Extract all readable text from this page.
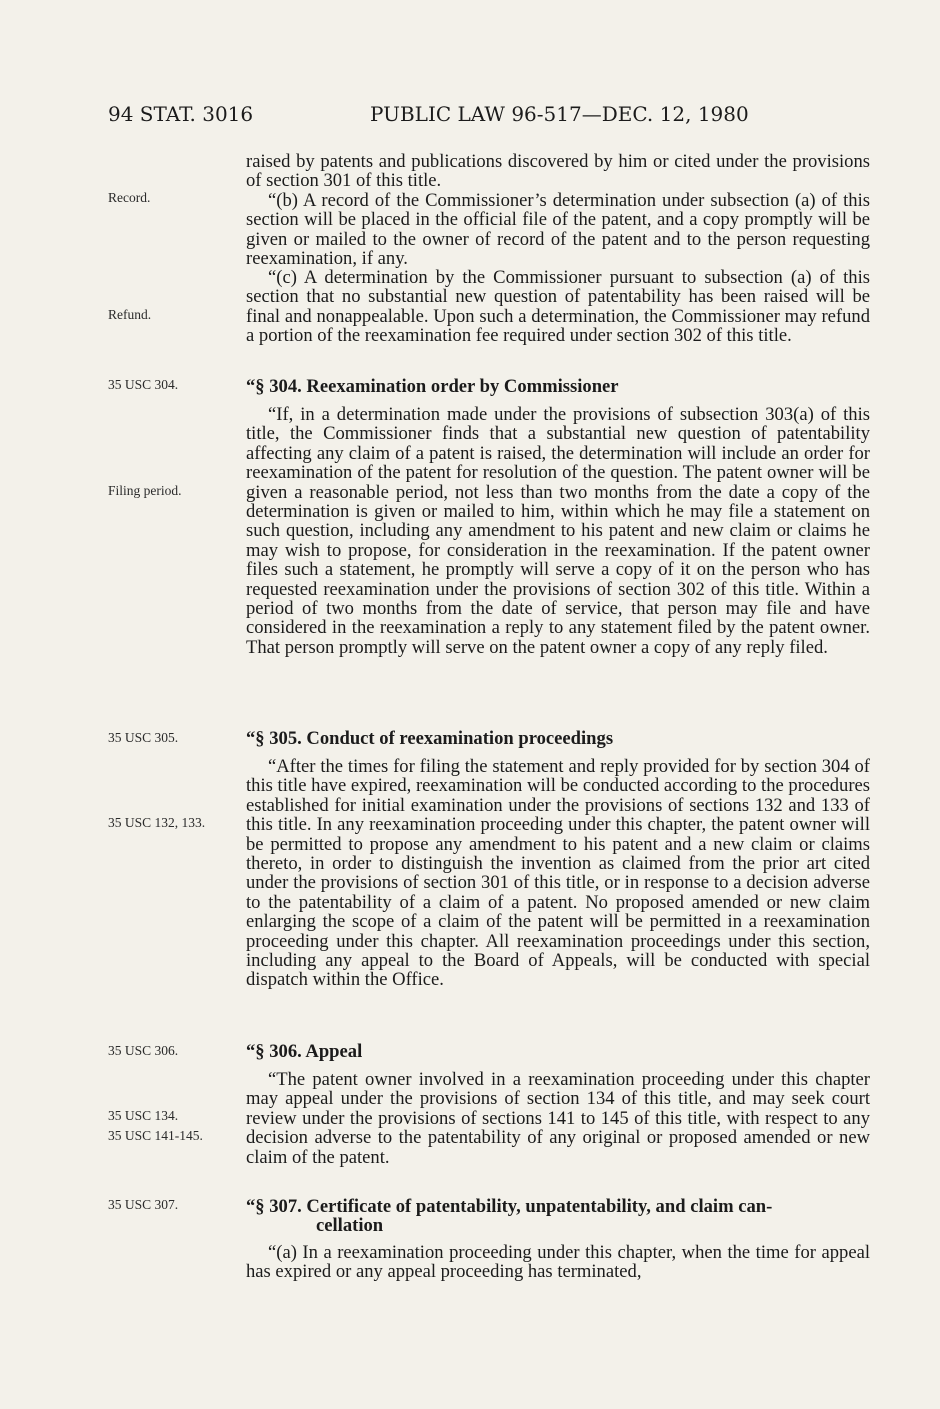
94 STAT. 3016	PUBLIC LAW 96-517—DEC. 12, 1980
Record.
Refund.
35 USC 304.
Filing period.
35 USC 305.
35 USC 132, 133.
35 USC 306.
35 USC 134.
35 USC 141-145.
35 USC 307.

raised by patents and publications discovered by him or cited under the provisions of section 301 of this title.

“(b) A record of the Commissioner’s determination under subsection (a) of this section will be placed in the official file of the patent, and a copy promptly will be given or mailed to the owner of record of the patent and to the person requesting reexamination, if any.

“(c) A determination by the Commissioner pursuant to subsection (a) of this section that no substantial new question of patentability has been raised will be final and nonappealable. Upon such a determination, the Commissioner may refund a portion of the reexamination fee required under section 302 of this title.

“§ 304. Reexamination order by Commissioner

“If, in a determination made under the provisions of subsection 303(a) of this title, the Commissioner finds that a substantial new question of patentability affecting any claim of a patent is raised, the determination will include an order for reexamination of the patent for resolution of the question. The patent owner will be given a reasonable period, not less than two months from the date a copy of the determination is given or mailed to him, within which he may file a statement on such question, including any amendment to his patent and new claim or claims he may wish to propose, for consideration in the reexamination. If the patent owner files such a statement, he promptly will serve a copy of it on the person who has requested reexamination under the provisions of section 302 of this title. Within a period of two months from the date of service, that person may file and have considered in the reexamination a reply to any statement filed by the patent owner. That person promptly will serve on the patent owner a copy of any reply filed.

“§ 305. Conduct of reexamination proceedings

“After the times for filing the statement and reply provided for by section 304 of this title have expired, reexamination will be conducted according to the procedures established for initial examination under the provisions of sections 132 and 133 of this title. In any reexamination proceeding under this chapter, the patent owner will be permitted to propose any amendment to his patent and a new claim or claims thereto, in order to distinguish the invention as claimed from the prior art cited under the provisions of section 301 of this title, or in response to a decision adverse to the patentability of a claim of a patent. No proposed amended or new claim enlarging the scope of a claim of the patent will be permitted in a reexamination proceeding under this chapter. All reexamination proceedings under this section, including any appeal to the Board of Appeals, will be conducted with special dispatch within the Office.

“§ 306. Appeal

“The patent owner involved in a reexamination proceeding under this chapter may appeal under the provisions of section 134 of this title, and may seek court review under the provisions of sections 141 to 145 of this title, with respect to any decision adverse to the patentability of any original or proposed amended or new claim of the patent.

“§ 307. Certificate of patentability, unpatentability, and claim can-
cellation

“(a) In a reexamination proceeding under this chapter, when the time for appeal has expired or any appeal proceeding has terminated,
